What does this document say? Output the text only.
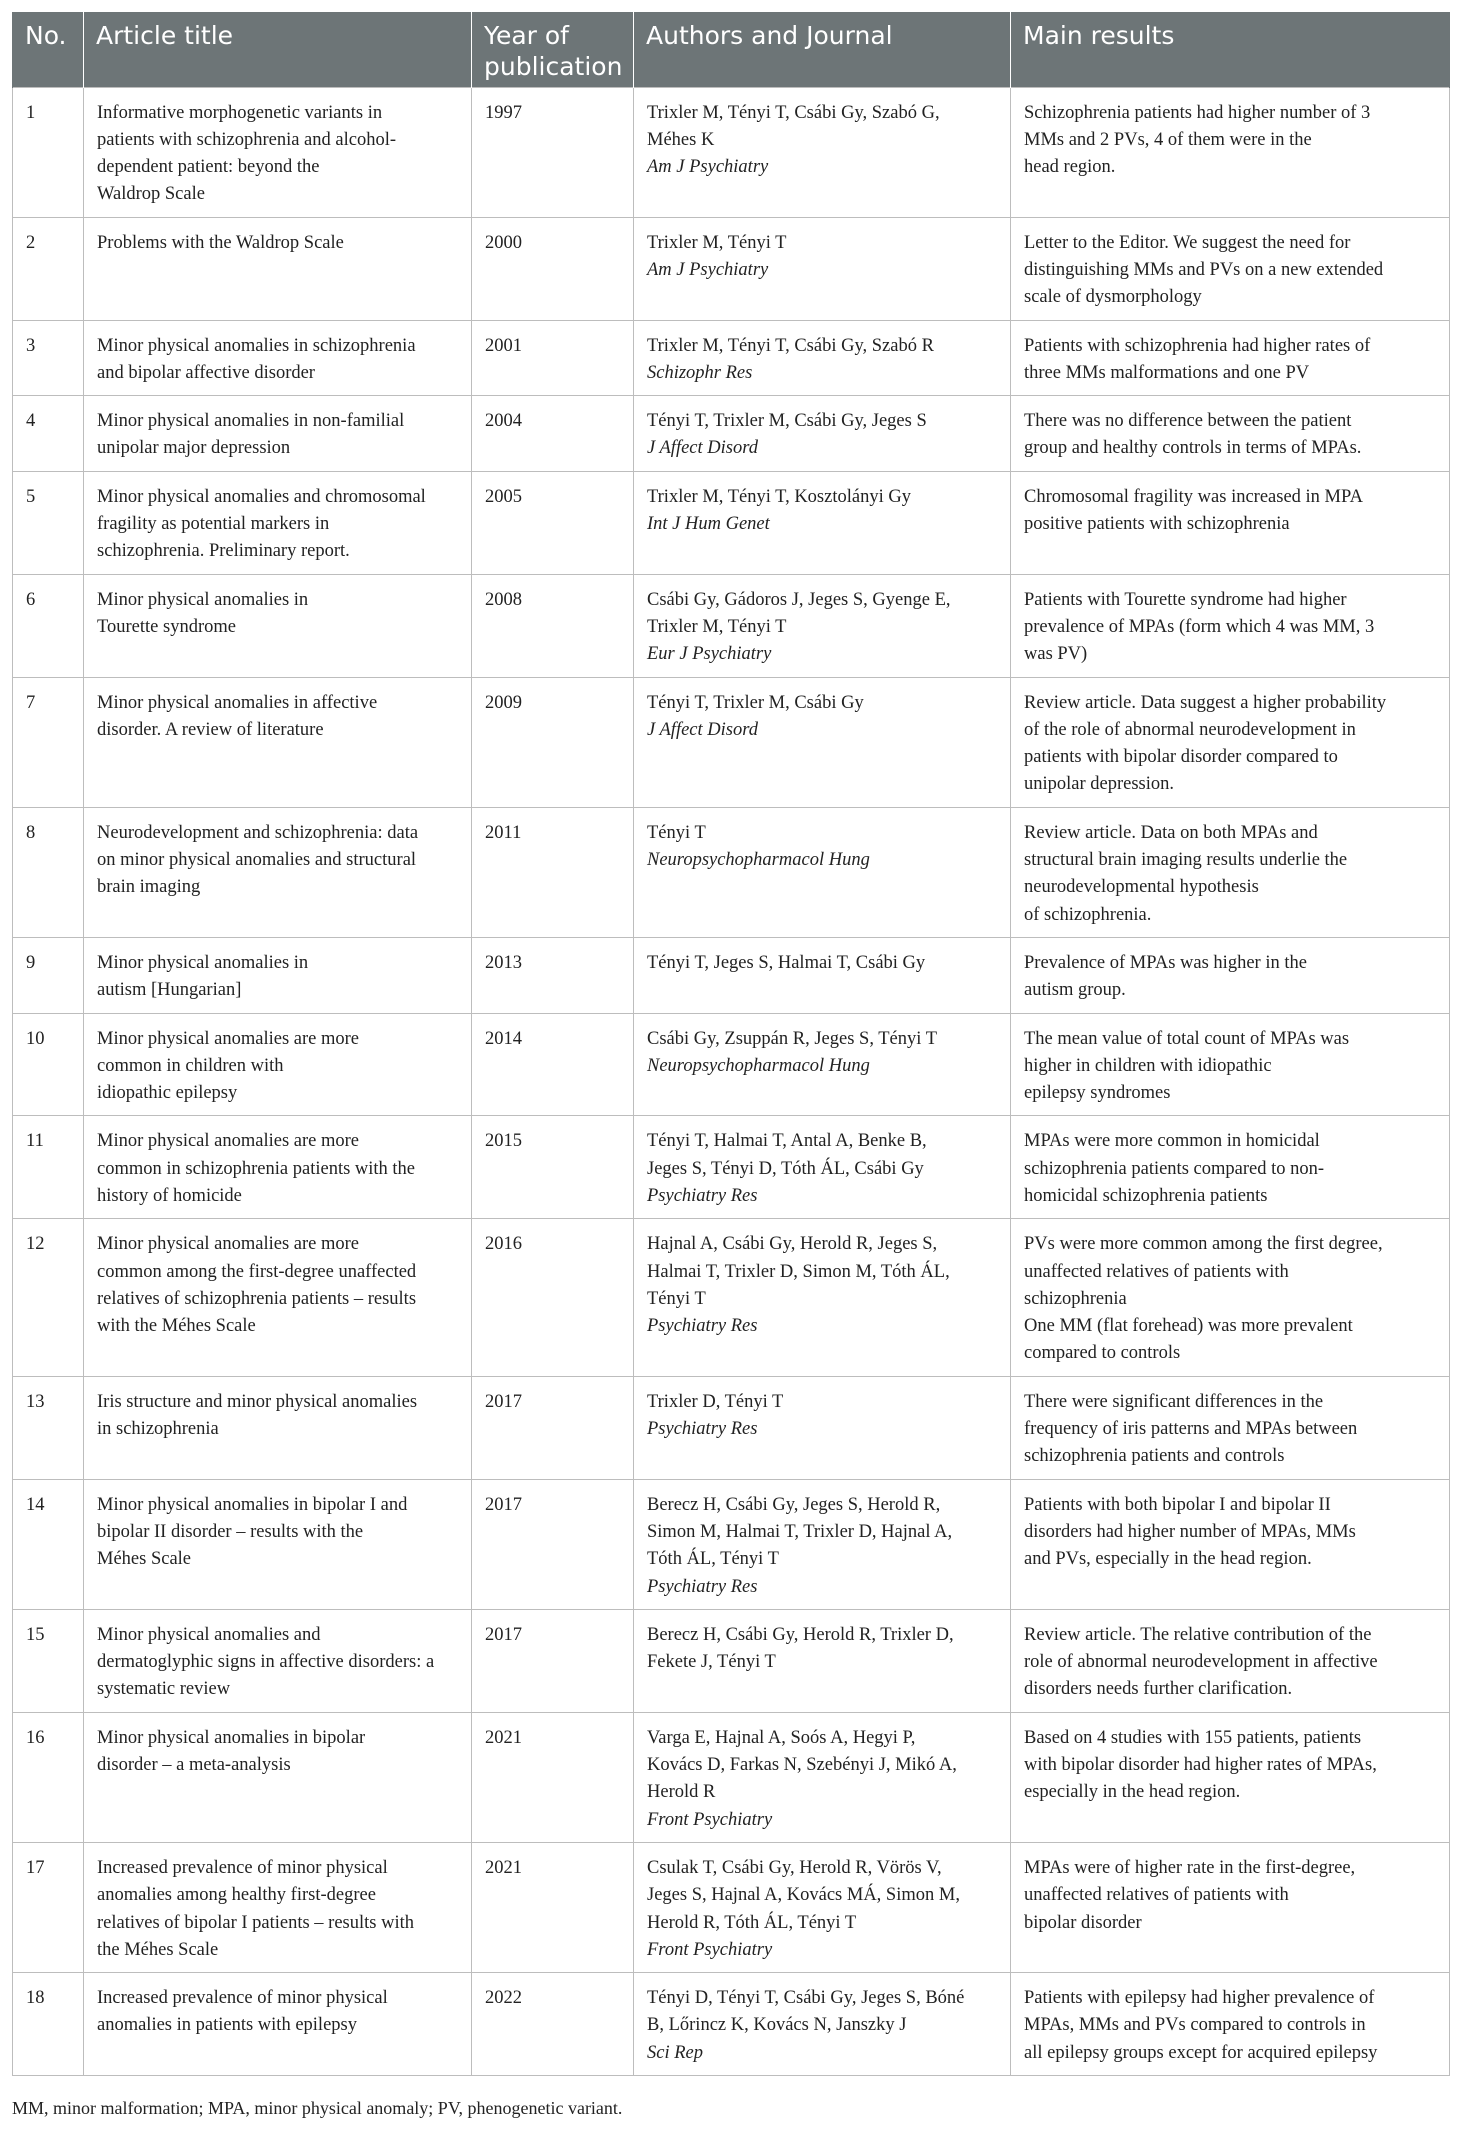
No.	Article title	Year of publication	Authors and Journal	Main results
1	Informative morphogenetic variants in
patients with schizophrenia and alcohol-
dependent patient: beyond the
Waldrop Scale	1997	Trixler M, Tényi T, Csábi Gy, Szabó G,
Méhes K
Am J Psychiatry	Schizophrenia patients had higher number of 3
MMs and 2 PVs, 4 of them were in the
head region.
2	Problems with the Waldrop Scale	2000	Trixler M, Tényi T
Am J Psychiatry	Letter to the Editor. We suggest the need for
distinguishing MMs and PVs on a new extended
scale of dysmorphology
3	Minor physical anomalies in schizophrenia
and bipolar affective disorder	2001	Trixler M, Tényi T, Csábi Gy, Szabó R
Schizophr Res	Patients with schizophrenia had higher rates of
three MMs malformations and one PV
4	Minor physical anomalies in non-familial
unipolar major depression	2004	Tényi T, Trixler M, Csábi Gy, Jeges S
J Affect Disord	There was no difference between the patient
group and healthy controls in terms of MPAs.
5	Minor physical anomalies and chromosomal
fragility as potential markers in
schizophrenia. Preliminary report.	2005	Trixler M, Tényi T, Kosztolányi Gy
Int J Hum Genet	Chromosomal fragility was increased in MPA
positive patients with schizophrenia
6	Minor physical anomalies in
Tourette syndrome	2008	Csábi Gy, Gádoros J, Jeges S, Gyenge E,
Trixler M, Tényi T
Eur J Psychiatry	Patients with Tourette syndrome had higher
prevalence of MPAs (form which 4 was MM, 3
was PV)
7	Minor physical anomalies in affective
disorder. A review of literature	2009	Tényi T, Trixler M, Csábi Gy
J Affect Disord	Review article. Data suggest a higher probability
of the role of abnormal neurodevelopment in
patients with bipolar disorder compared to
unipolar depression.
8	Neurodevelopment and schizophrenia: data
on minor physical anomalies and structural
brain imaging	2011	Tényi T
Neuropsychopharmacol Hung	Review article. Data on both MPAs and
structural brain imaging results underlie the
neurodevelopmental hypothesis
of schizophrenia.
9	Minor physical anomalies in
autism [Hungarian]	2013	Tényi T, Jeges S, Halmai T, Csábi Gy	Prevalence of MPAs was higher in the
autism group.
10	Minor physical anomalies are more
common in children with
idiopathic epilepsy	2014	Csábi Gy, Zsuppán R, Jeges S, Tényi T
Neuropsychopharmacol Hung	The mean value of total count of MPAs was
higher in children with idiopathic
epilepsy syndromes
11	Minor physical anomalies are more
common in schizophrenia patients with the
history of homicide	2015	Tényi T, Halmai T, Antal A, Benke B,
Jeges S, Tényi D, Tóth ÁL, Csábi Gy
Psychiatry Res	MPAs were more common in homicidal
schizophrenia patients compared to non-
homicidal schizophrenia patients
12	Minor physical anomalies are more
common among the first-degree unaffected
relatives of schizophrenia patients – results
with the Méhes Scale	2016	Hajnal A, Csábi Gy, Herold R, Jeges S,
Halmai T, Trixler D, Simon M, Tóth ÁL,
Tényi T
Psychiatry Res	PVs were more common among the first degree,
unaffected relatives of patients with
schizophrenia
One MM (flat forehead) was more prevalent
compared to controls
13	Iris structure and minor physical anomalies
in schizophrenia	2017	Trixler D, Tényi T
Psychiatry Res	There were significant differences in the
frequency of iris patterns and MPAs between
schizophrenia patients and controls
14	Minor physical anomalies in bipolar I and
bipolar II disorder – results with the
Méhes Scale	2017	Berecz H, Csábi Gy, Jeges S, Herold R,
Simon M, Halmai T, Trixler D, Hajnal A,
Tóth ÁL, Tényi T
Psychiatry Res	Patients with both bipolar I and bipolar II
disorders had higher number of MPAs, MMs
and PVs, especially in the head region.
15	Minor physical anomalies and
dermatoglyphic signs in affective disorders: a
systematic review	2017	Berecz H, Csábi Gy, Herold R, Trixler D,
Fekete J, Tényi T	Review article. The relative contribution of the
role of abnormal neurodevelopment in affective
disorders needs further clarification.
16	Minor physical anomalies in bipolar
disorder – a meta-analysis	2021	Varga E, Hajnal A, Soós A, Hegyi P,
Kovács D, Farkas N, Szebényi J, Mikó A,
Herold R
Front Psychiatry	Based on 4 studies with 155 patients, patients
with bipolar disorder had higher rates of MPAs,
especially in the head region.
17	Increased prevalence of minor physical
anomalies among healthy first-degree
relatives of bipolar I patients – results with
the Méhes Scale	2021	Csulak T, Csábi Gy, Herold R, Vörös V,
Jeges S, Hajnal A, Kovács MÁ, Simon M,
Herold R, Tóth ÁL, Tényi T
Front Psychiatry	MPAs were of higher rate in the first-degree,
unaffected relatives of patients with
bipolar disorder
18	Increased prevalence of minor physical
anomalies in patients with epilepsy	2022	Tényi D, Tényi T, Csábi Gy, Jeges S, Bóné
B, Lőrincz K, Kovács N, Janszky J
Sci Rep	Patients with epilepsy had higher prevalence of
MPAs, MMs and PVs compared to controls in
all epilepsy groups except for acquired epilepsy
MM, minor malformation; MPA, minor physical anomaly; PV, phenogenetic variant.
